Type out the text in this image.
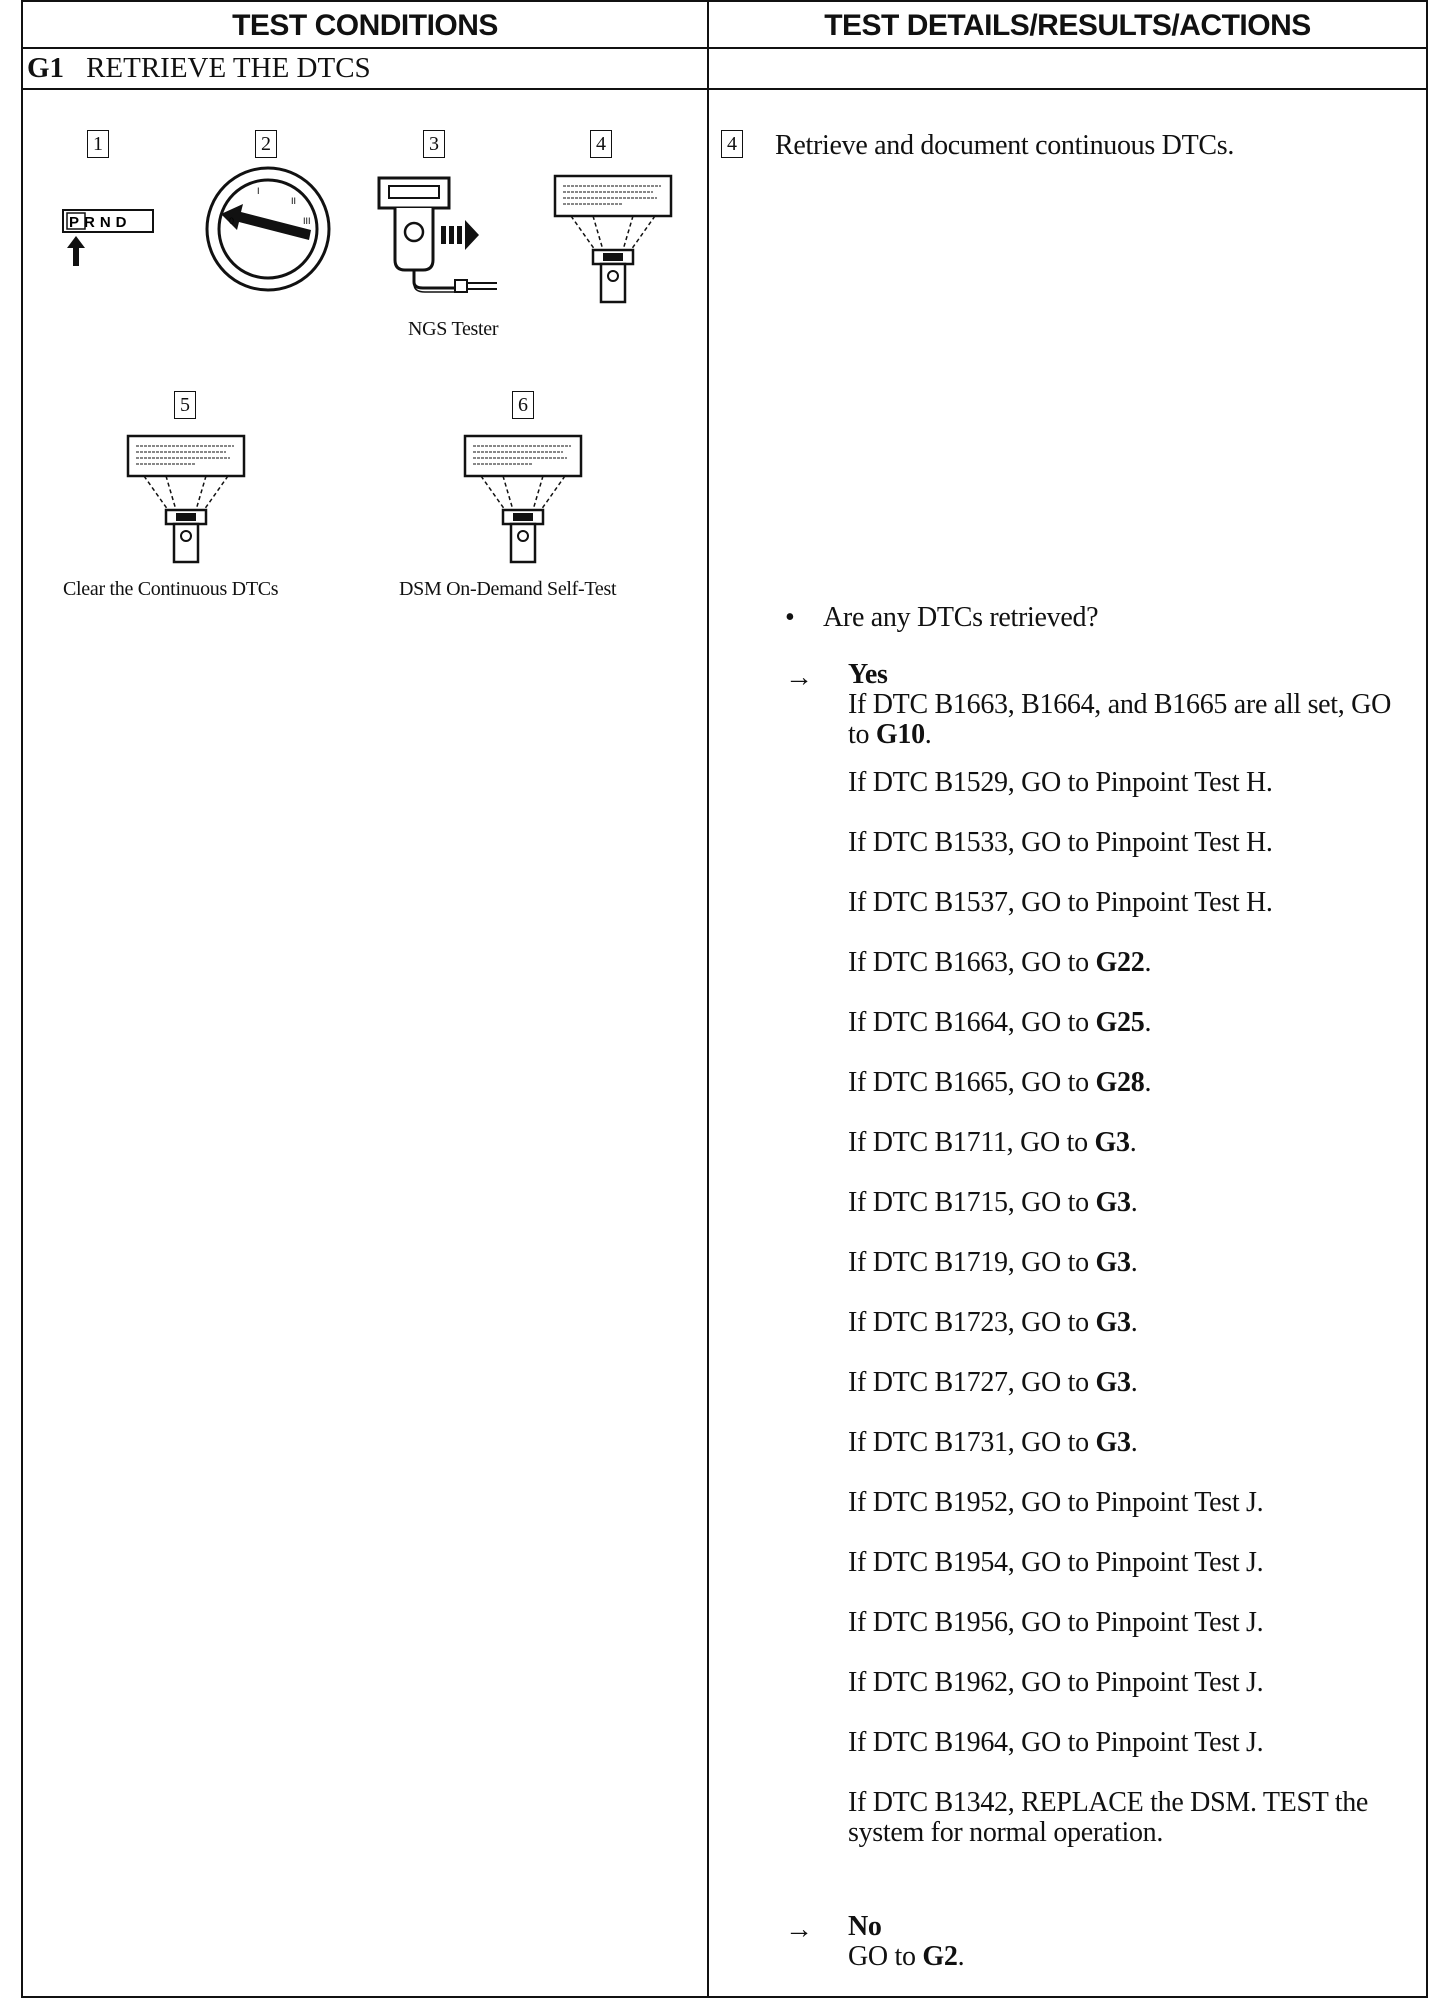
TEST CONDITIONS	TEST DETAILS/RESULTS/ACTIONS
G1 RETRIEVE THE DTCS
1	2	3	4
PRND
I
II
III
0
NGS Tester
5	6
Clear the Continuous DTCs	DSM On-Demand Self-Test
4 Retrieve and document continuous DTCs.
• Are any DTCs retrieved?
→ Yes
If DTC B1663, B1664, and B1665 are all set, GO to G10.
If DTC B1529, GO to Pinpoint Test H.
If DTC B1533, GO to Pinpoint Test H.
If DTC B1537, GO to Pinpoint Test H.
If DTC B1663, GO to G22.
If DTC B1664, GO to G25.
If DTC B1665, GO to G28.
If DTC B1711, GO to G3.
If DTC B1715, GO to G3.
If DTC B1719, GO to G3.
If DTC B1723, GO to G3.
If DTC B1727, GO to G3.
If DTC B1731, GO to G3.
If DTC B1952, GO to Pinpoint Test J.
If DTC B1954, GO to Pinpoint Test J.
If DTC B1956, GO to Pinpoint Test J.
If DTC B1962, GO to Pinpoint Test J.
If DTC B1964, GO to Pinpoint Test J.
If DTC B1342, REPLACE the DSM. TEST the system for normal operation.
→ No
GO to G2.
